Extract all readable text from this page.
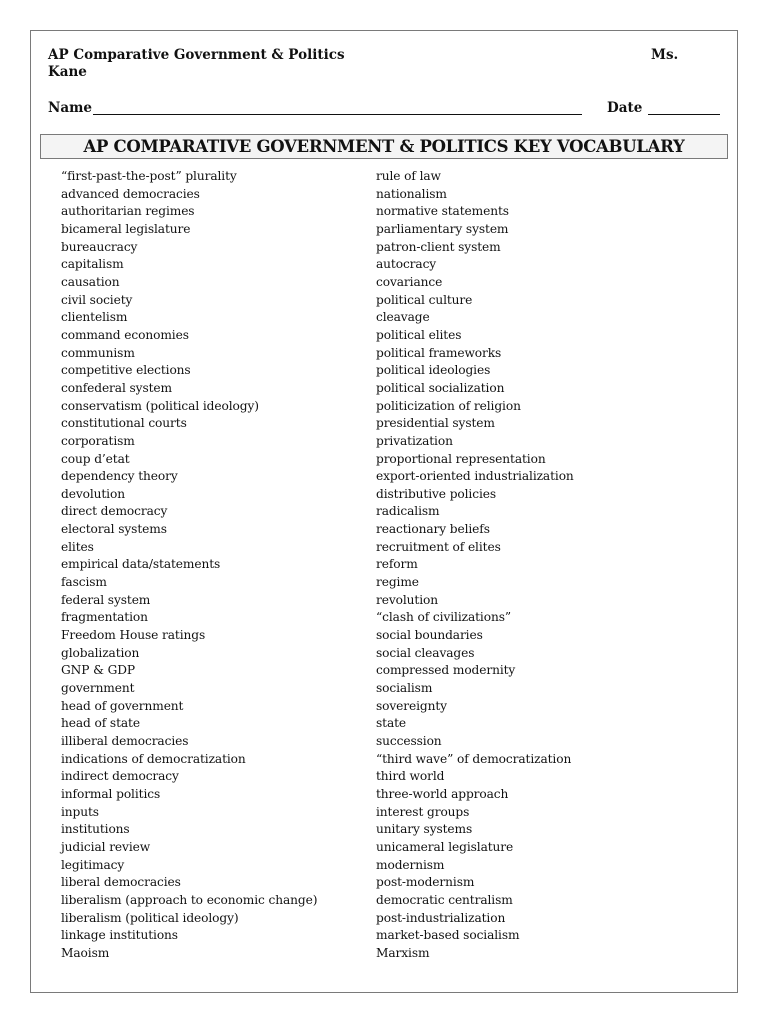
AP Comparative Government & Politics	Ms.
Kane
Name	Date
AP COMPARATIVE GOVERNMENT & POLITICS KEY VOCABULARY
“first-past-the-post” plurality
advanced democracies
authoritarian regimes
bicameral legislature
bureaucracy
capitalism
causation
civil society
clientelism
command economies
communism
competitive elections
confederal system
conservatism (political ideology)
constitutional courts
corporatism
coup d’etat
dependency theory
devolution
direct democracy
electoral systems
elites
empirical data/statements
fascism
federal system
fragmentation
Freedom House ratings
globalization
GNP & GDP
government
head of government
head of state
illiberal democracies
indications of democratization
indirect democracy
informal politics
inputs
institutions
judicial review
legitimacy
liberal democracies
liberalism (approach to economic change)
liberalism (political ideology)
linkage institutions
Maoism
rule of law
nationalism
normative statements
parliamentary system
patron-client system
autocracy
covariance
political culture
cleavage
political elites
political frameworks
political ideologies
political socialization
politicization of religion
presidential system
privatization
proportional representation
export-oriented industrialization
distributive policies
radicalism
reactionary beliefs
recruitment of elites
reform
regime
revolution
“clash of civilizations”
social boundaries
social cleavages
compressed modernity
socialism
sovereignty
state
succession
“third wave” of democratization
third world
three-world approach
interest groups
unitary systems
unicameral legislature
modernism
post-modernism
democratic centralism
post-industrialization
market-based socialism
Marxism
